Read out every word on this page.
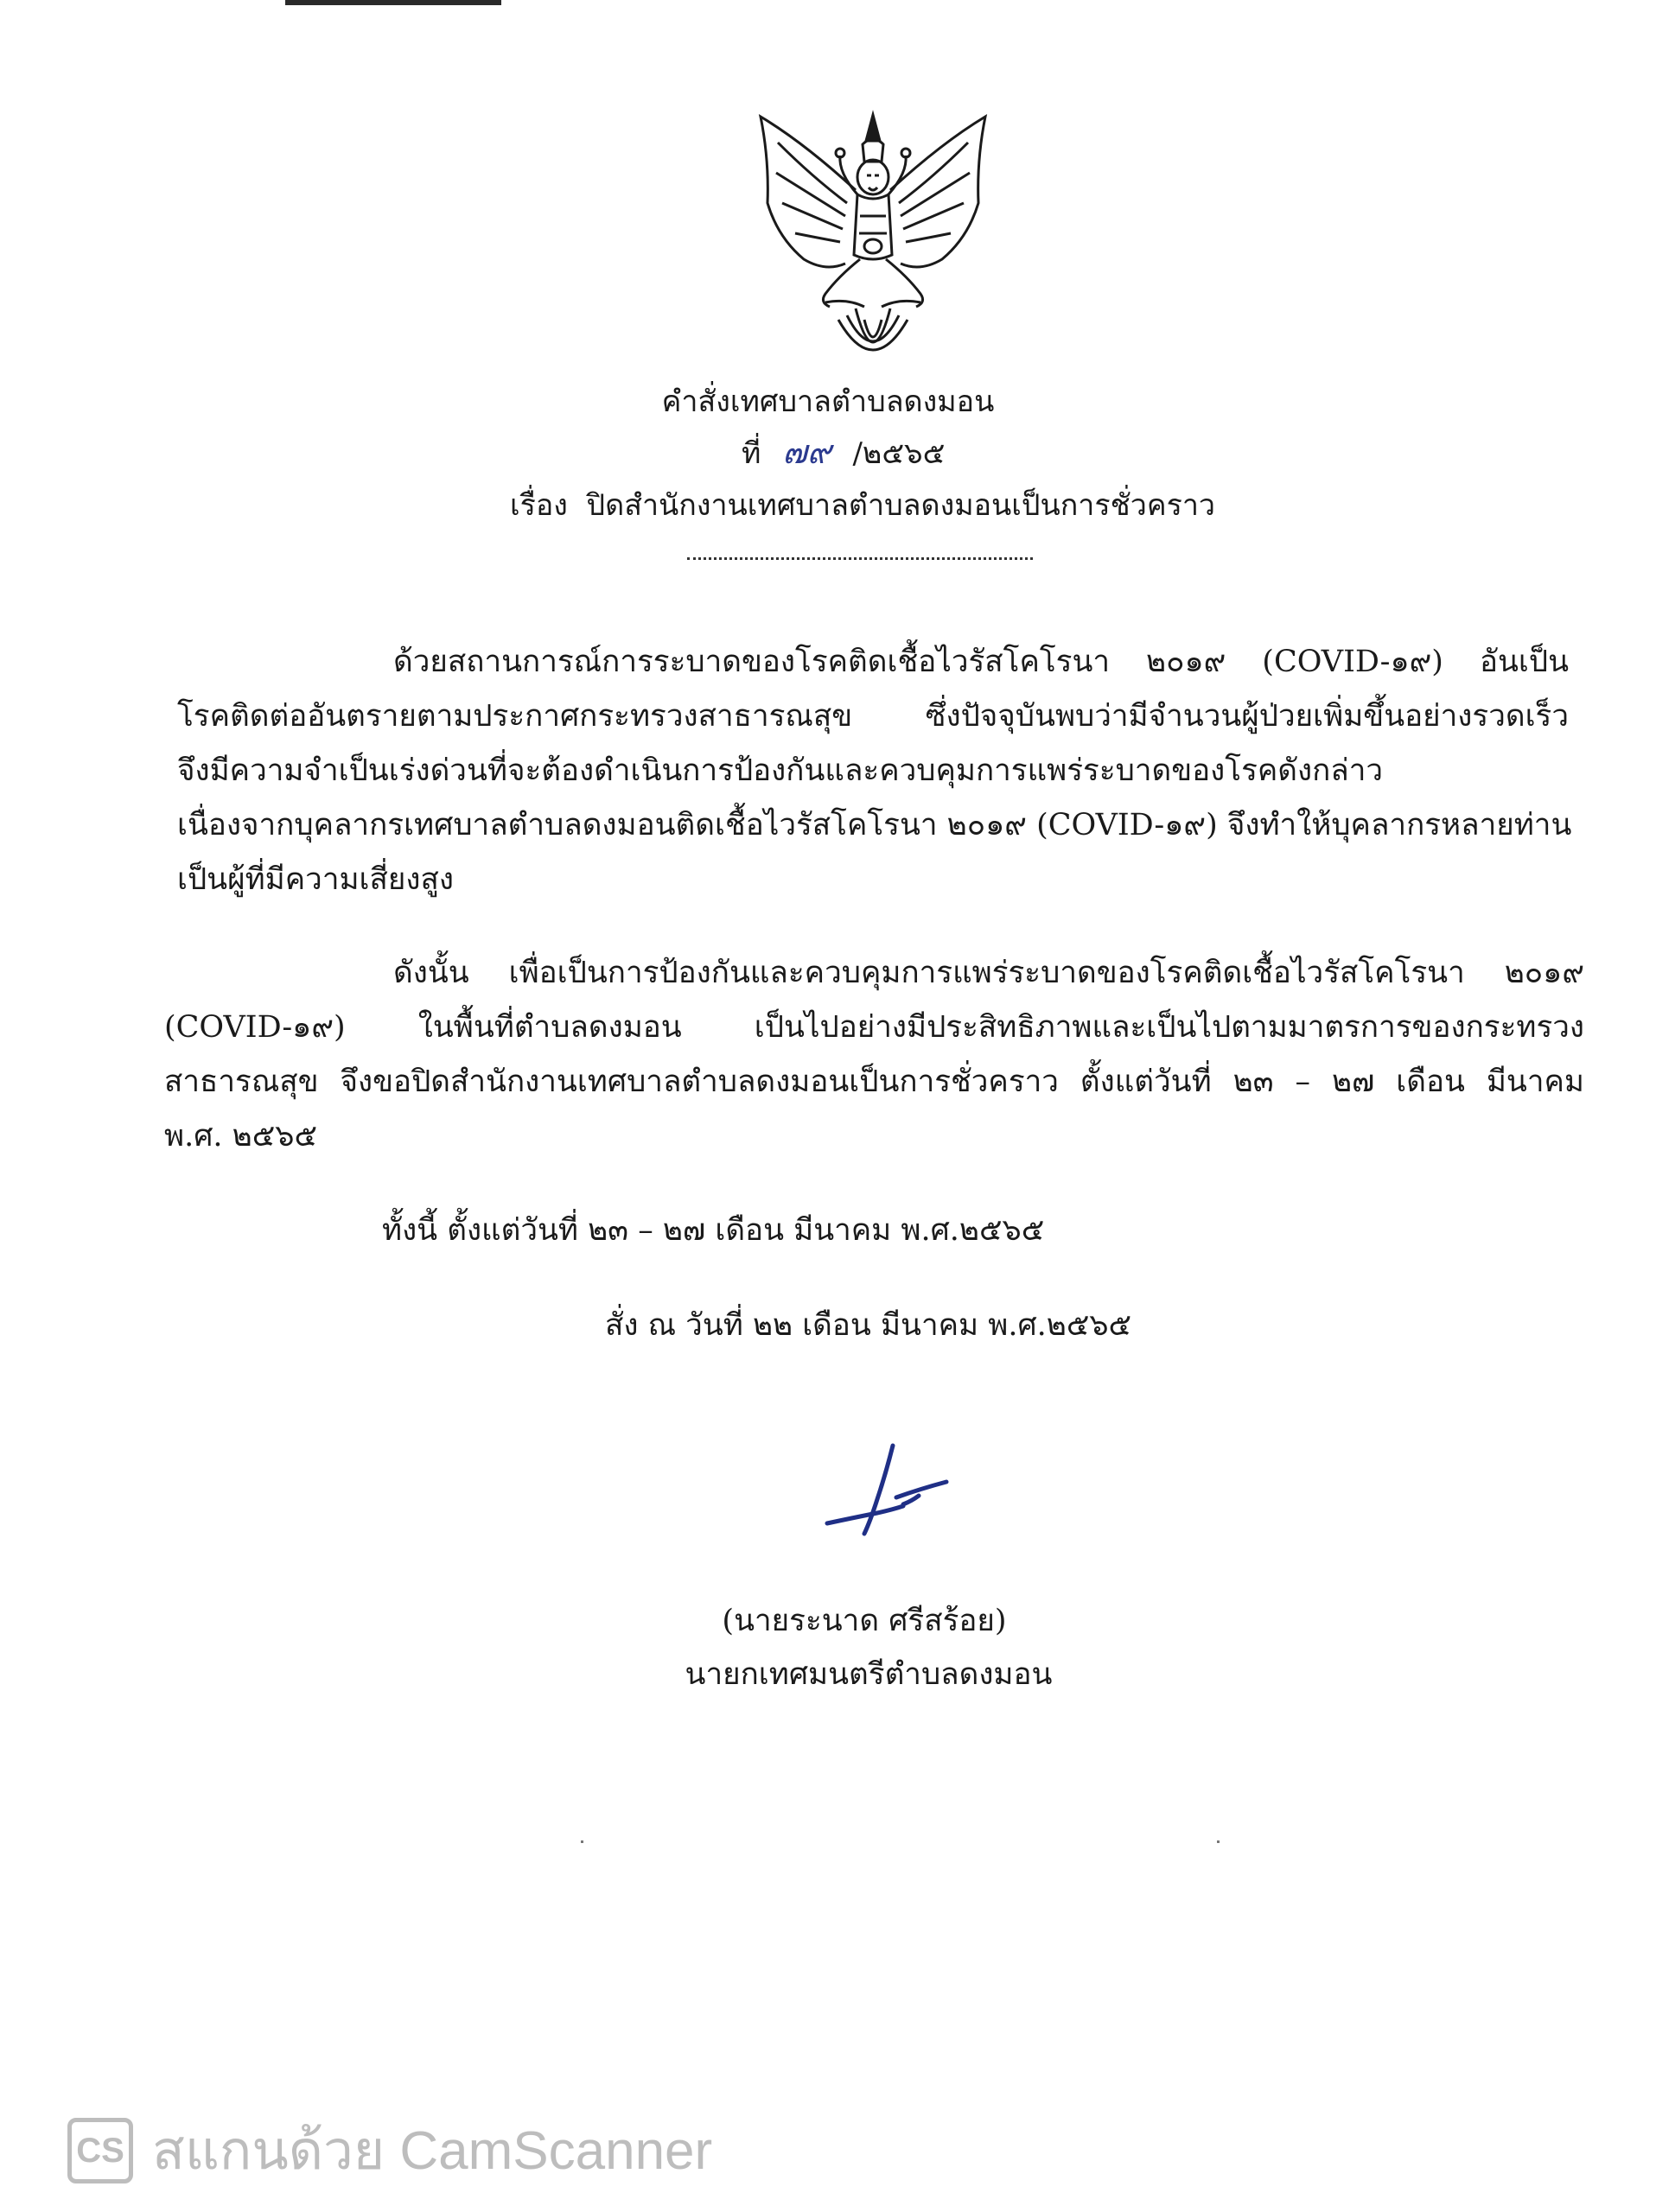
คำสั่งเทศบาลตำบลดงมอน
ที่ ๗๙ /๒๕๖๕
เรื่อง ปิดสำนักงานเทศบาลตำบลดงมอนเป็นการชั่วคราว
ด้วยสถานการณ์การระบาดของโรคติดเชื้อไวรัสโคโรนา ๒๐๑๙ (COVID-๑๙) อันเป็น
โรคติดต่ออันตรายตามประกาศกระทรวงสาธารณสุข ซึ่งปัจจุบันพบว่ามีจำนวนผู้ป่วยเพิ่มขึ้นอย่างรวดเร็ว
จึงมีความจำเป็นเร่งด่วนที่จะต้องดำเนินการป้องกันและควบคุมการแพร่ระบาดของโรคดังกล่าว
เนื่องจากบุคลากรเทศบาลตำบลดงมอนติดเชื้อไวรัสโคโรนา ๒๐๑๙ (COVID-๑๙) จึงทำให้บุคลากรหลายท่าน
เป็นผู้ที่มีความเสี่ยงสูง
ดังนั้น เพื่อเป็นการป้องกันและควบคุมการแพร่ระบาดของโรคติดเชื้อไวรัสโคโรนา ๒๐๑๙
(COVID-๑๙) ในพื้นที่ตำบลดงมอน เป็นไปอย่างมีประสิทธิภาพและเป็นไปตามมาตรการของกระทรวง
สาธารณสุข จึงขอปิดสำนักงานเทศบาลตำบลดงมอนเป็นการชั่วคราว ตั้งแต่วันที่ ๒๓ – ๒๗ เดือน มีนาคม
พ.ศ. ๒๕๖๕
ทั้งนี้ ตั้งแต่วันที่ ๒๓ – ๒๗ เดือน มีนาคม พ.ศ.๒๕๖๕
สั่ง ณ วันที่ ๒๒ เดือน มีนาคม พ.ศ.๒๕๖๕
(นายระนาด ศรีสร้อย)
นายกเทศมนตรีตำบลดงมอน
CS สแกนด้วย CamScanner
